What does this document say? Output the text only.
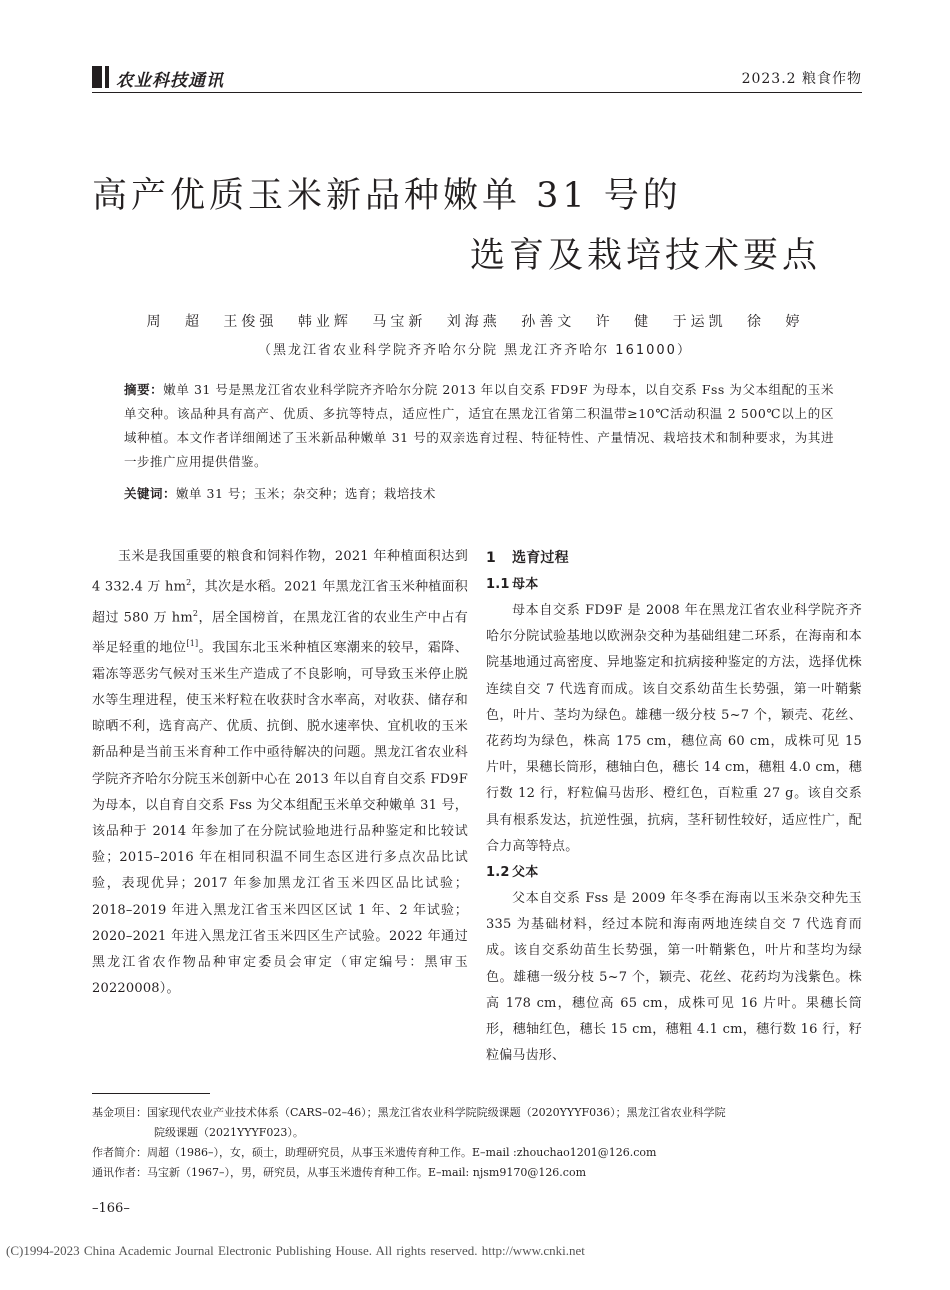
农业科技通讯	2023.2 粮食作物
高产优质玉米新品种嫩单 31 号的
选育及栽培技术要点
周 超 王俊强 韩业辉 马宝新 刘海燕 孙善文 许 健 于运凯 徐 婷
（黑龙江省农业科学院齐齐哈尔分院 黑龙江齐齐哈尔 161000）
摘要：嫩单 31 号是黑龙江省农业科学院齐齐哈尔分院 2013 年以自交系 FD9F 为母本，以自交系 Fss 为父本组配的玉米单交种。该品种具有高产、优质、多抗等特点，适应性广，适宜在黑龙江省第二积温带≥10℃活动积温 2 500℃以上的区域种植。本文作者详细阐述了玉米新品种嫩单 31 号的双亲选育过程、特征特性、产量情况、栽培技术和制种要求，为其进一步推广应用提供借鉴。
关键词：嫩单 31 号；玉米；杂交种；选育；栽培技术

玉米是我国重要的粮食和饲料作物，2021 年种植面积达到 4 332.4 万 $hm^2$，其次是水稻。2021 年黑龙江省玉米种植面积超过 580 万 $hm^2$，居全国榜首，在黑龙江省的农业生产中占有举足轻重的地位[1]。我国东北玉米种植区寒潮来的较早，霜降、霜冻等恶劣气候对玉米生产造成了不良影响，可导致玉米停止脱水等生理进程，使玉米籽粒在收获时含水率高，对收获、储存和晾晒不利，选育高产、优质、抗倒、脱水速率快、宜机收的玉米新品种是当前玉米育种工作中亟待解决的问题。黑龙江省农业科学院齐齐哈尔分院玉米创新中心在 2013 年以自育自交系 FD9F 为母本，以自育自交系 Fss 为父本组配玉米单交种嫩单 31 号，该品种于 2014 年参加了在分院试验地进行品种鉴定和比较试验；2015–2016 年在相同积温不同生态区进行多点次品比试验，表现优异；2017 年参加黑龙江省玉米四区品比试验；2018–2019 年进入黑龙江省玉米四区区试 1 年、2 年试验；2020–2021 年进入黑龙江省玉米四区生产试验。2022 年通过黑龙江省农作物品种审定委员会审定（审定编号：黑审玉 20220008）。

1 选育过程
1.1 母本

母本自交系 FD9F 是 2008 年在黑龙江省农业科学院齐齐哈尔分院试验基地以欧洲杂交种为基础组建二环系，在海南和本院基地通过高密度、异地鉴定和抗病接种鉴定的方法，选择优株连续自交 7 代选育而成。该自交系幼苗生长势强，第一叶鞘紫色，叶片、茎均为绿色。雄穗一级分枝 5~7 个，颖壳、花丝、花药均为绿色，株高 175 cm，穗位高 60 cm，成株可见 15 片叶，果穗长筒形，穗轴白色，穗长 14 cm，穗粗 4.0 cm，穗行数 12 行，籽粒偏马齿形、橙红色，百粒重 27 g。该自交系具有根系发达，抗逆性强，抗病，茎秆韧性较好，适应性广，配合力高等特点。

1.2 父本

父本自交系 Fss 是 2009 年冬季在海南以玉米杂交种先玉 335 为基础材料，经过本院和海南两地连续自交 7 代选育而成。该自交系幼苗生长势强，第一叶鞘紫色，叶片和茎均为绿色。雄穗一级分枝 5~7 个，颖壳、花丝、花药均为浅紫色。株高 178 cm，穗位高 65 cm，成株可见 16 片叶。果穗长筒形，穗轴红色，穗长 15 cm，穗粗 4.1 cm，穗行数 16 行，籽粒偏马齿形、

基金项目：国家现代农业产业技术体系（CARS–02–46）；黑龙江省农业科学院院级课题（2020YYYF036）；黑龙江省农业科学院

院级课题（2021YYYF023）。

作者简介：周超（1986–），女，硕士，助理研究员，从事玉米遗传育种工作。E–mail :zhouchao1201@126.com

通讯作者：马宝新（1967–），男，研究员，从事玉米遗传育种工作。E–mail: njsm9170@126.com

–166–
(C)1994-2023 China Academic Journal Electronic Publishing House. All rights reserved. http://www.cnki.net
